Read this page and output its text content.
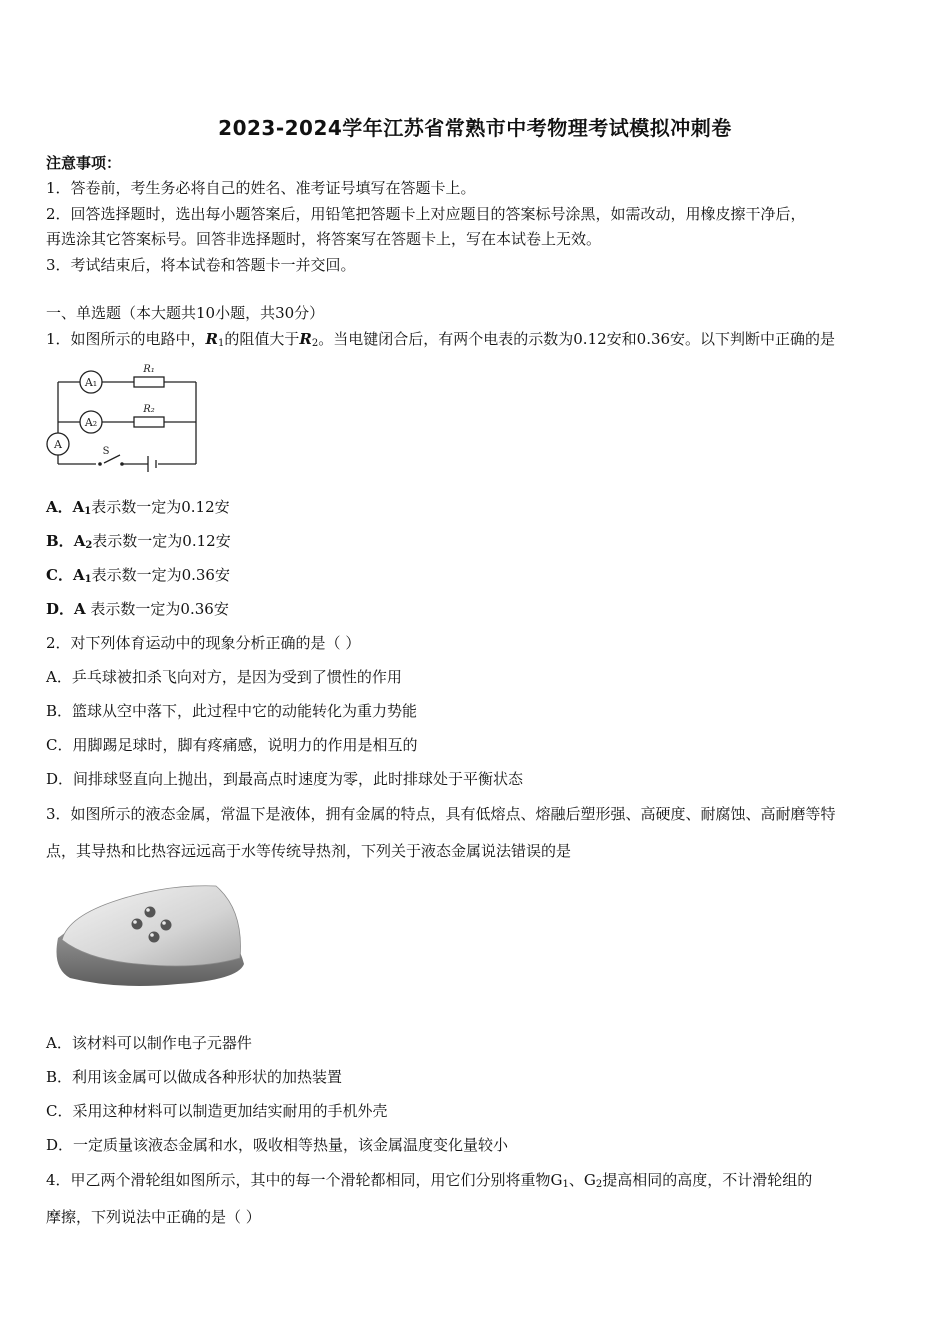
2023-2024学年江苏省常熟市中考物理考试模拟冲刺卷
注意事项：
1．答卷前，考生务必将自己的姓名、准考证号填写在答题卡上。
2．回答选择题时，选出每小题答案后，用铅笔把答题卡上对应题目的答案标号涂黑，如需改动，用橡皮擦干净后，
再选涂其它答案标号。回答非选择题时，将答案写在答题卡上，写在本试卷上无效。
3．考试结束后，将本试卷和答题卡一并交回。
一、单选题（本大题共10小题，共30分）
1．如图所示的电路中，$R_1$的阻值大于$R_2$。当电键闭合后，有两个电表的示数为0.12安和0.36安。以下判断中正确的是
A₁
A₂
A
R₁
R₂
S
A．$A_1$表示数一定为0.12安
B．$A_2$表示数一定为0.12安
C．$A_1$表示数一定为0.36安
D．A 表示数一定为0.36安
2．对下列体育运动中的现象分析正确的是（ ）
A．乒乓球被扣杀飞向对方，是因为受到了惯性的作用
B．篮球从空中落下，此过程中它的动能转化为重力势能
C．用脚踢足球时，脚有疼痛感，说明力的作用是相互的
D．间排球竖直向上抛出，到最高点时速度为零，此时排球处于平衡状态
3．如图所示的液态金属，常温下是液体，拥有金属的特点，具有低熔点、熔融后塑形强、高硬度、耐腐蚀、高耐磨等特
点，其导热和比热容远远高于水等传统导热剂，下列关于液态金属说法错误的是
A．该材料可以制作电子元器件
B．利用该金属可以做成各种形状的加热装置
C．采用这种材料可以制造更加结实耐用的手机外壳
D．一定质量该液态金属和水，吸收相等热量，该金属温度变化量较小
4．甲乙两个滑轮组如图所示，其中的每一个滑轮都相同，用它们分别将重物$G_1$、$G_2$提高相同的高度，不计滑轮组的
摩擦，下列说法中正确的是（ ）
